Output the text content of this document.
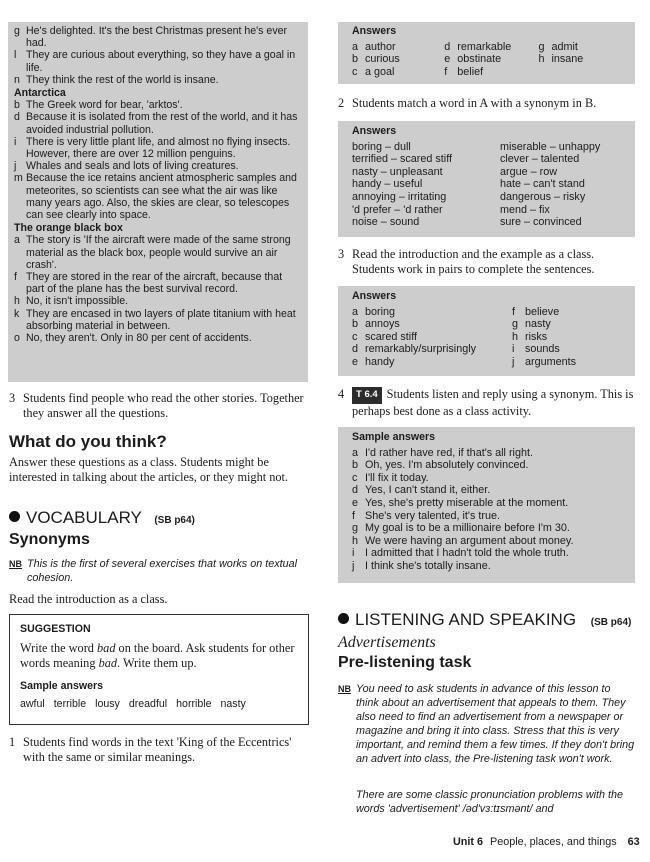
g He's delighted. It's the best Christmas present he's ever had.
l They are curious about everything, so they have a goal in life.
n They think the rest of the world is insane.
Antarctica
b The Greek word for bear, 'arktos'.
d Because it is isolated from the rest of the world, and it has avoided industrial pollution.
i There is very little plant life, and almost no flying insects. However, there are over 12 million penguins.
j Whales and seals and lots of living creatures.
m Because the ice retains ancient atmospheric samples and meteorites, so scientists can see what the air was like many years ago. Also, the skies are clear, so telescopes can see clearly into space.
The orange black box
a The story is 'If the aircraft were made of the same strong material as the black box, people would survive an air crash'.
f They are stored in the rear of the aircraft, because that part of the plane has the best survival record.
h No, it isn't impossible.
k They are encased in two layers of plate titanium with heat absorbing material in between.
o No, they aren't. Only in 80 per cent of accidents.
3 Students find people who read the other stories. Together they answer all the questions.
What do you think?
Answer these questions as a class. Students might be interested in talking about the articles, or they might not.
VOCABULARY (SB p64)
Synonyms
NB This is the first of several exercises that works on textual cohesion.
Read the introduction as a class.
SUGGESTION
Write the word bad on the board. Ask students for other words meaning bad. Write them up.
Sample answers
awful terrible lousy dreadful horrible nasty
1 Students find words in the text 'King of the Eccentrics' with the same or similar meanings.
Answers
a author
b curious
c a goal
d remarkable
e obstinate
f belief
g admit
h insane
2 Students match a word in A with a synonym in B.
Answers
boring – dull
terrified – scared stiff
nasty – unpleasant
handy – useful
annoying – irritating
'd prefer – 'd rather
noise – sound
miserable – unhappy
clever – talented
argue – row
hate – can't stand
dangerous – risky
mend – fix
sure – convinced
3 Read the introduction and the example as a class. Students work in pairs to complete the sentences.
Answers
a boring
b annoys
c scared stiff
d remarkably/surprisingly
e handy
f believe
g nasty
h risks
i sounds
j arguments
4	T 6.4 Students listen and reply using a synonym. This is perhaps best done as a class activity.
Sample answers
a I'd rather have red, if that's all right.
b Oh, yes. I'm absolutely convinced.
c I'll fix it today.
d Yes, I can't stand it, either.
e Yes, she's pretty miserable at the moment.
f She's very talented, it's true.
g My goal is to be a millionaire before I'm 30.
h We were having an argument about money.
i I admitted that I hadn't told the whole truth.
j I think she's totally insane.
LISTENING AND SPEAKING (SB p64)
Advertisements
Pre-listening task
NB You need to ask students in advance of this lesson to think about an advertisement that appeals to them. They also need to find an advertisement from a newspaper or magazine and bring it into class. Stress that this is very important, and remind them a few times. If they don't bring an advert into class, the Pre-listening task won't work.
There are some classic pronunciation problems with the words 'advertisement' /əd'vɜ:tɪsmənt/ and
Unit 6 People, places, and things 63
